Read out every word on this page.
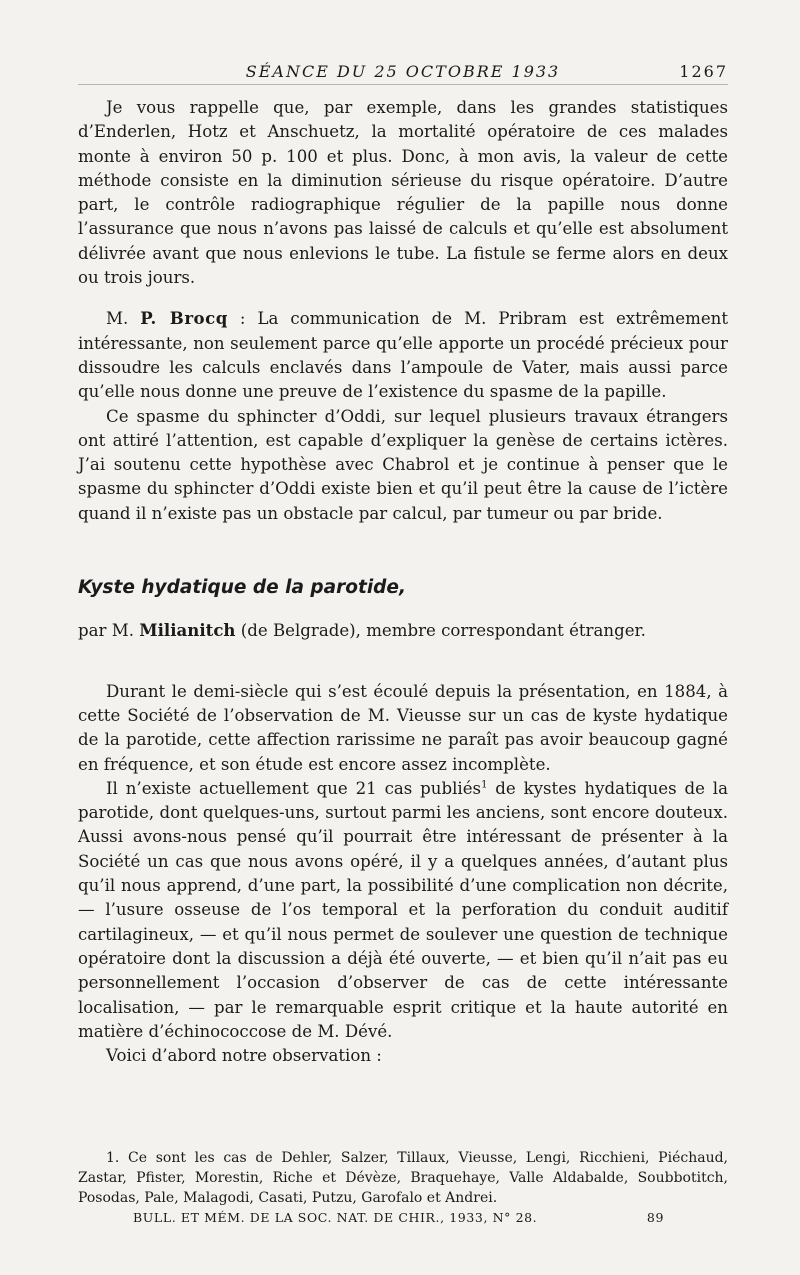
SÉANCE DU 25 OCTOBRE 1933	1267

Je vous rappelle que, par exemple, dans les grandes statistiques d’Enderlen, Hotz et Anschuetz, la mortalité opératoire de ces malades monte à environ 50 p. 100 et plus. Donc, à mon avis, la valeur de cette méthode consiste en la diminution sérieuse du risque opératoire. D’autre part, le contrôle radiographique régulier de la papille nous donne l’assurance que nous n’avons pas laissé de calculs et qu’elle est absolument délivrée avant que nous enlevions le tube. La fistule se ferme alors en deux ou trois jours.

M. P. Brocq : La communication de M. Pribram est extrêmement intéressante, non seulement parce qu’elle apporte un procédé précieux pour dissoudre les calculs enclavés dans l’ampoule de Vater, mais aussi parce qu’elle nous donne une preuve de l’existence du spasme de la papille.

Ce spasme du sphincter d’Oddi, sur lequel plusieurs travaux étrangers ont attiré l’attention, est capable d’expliquer la genèse de certains ictères. J’ai soutenu cette hypothèse avec Chabrol et je continue à penser que le spasme du sphincter d’Oddi existe bien et qu’il peut être la cause de l’ictère quand il n’existe pas un obstacle par calcul, par tumeur ou par bride.

Kyste hydatique de la parotide,

par M. Milianitch (de Belgrade), membre correspondant étranger.

Durant le demi-siècle qui s’est écoulé depuis la présentation, en 1884, à cette Société de l’observation de M. Vieusse sur un cas de kyste hydatique de la parotide, cette affection rarissime ne paraît pas avoir beaucoup gagné en fréquence, et son étude est encore assez incomplète.

Il n’existe actuellement que 21 cas publiés$^1$ de kystes hydatiques de la parotide, dont quelques-uns, surtout parmi les anciens, sont encore douteux. Aussi avons-nous pensé qu’il pourrait être intéressant de présenter à la Société un cas que nous avons opéré, il y a quelques années, d’autant plus qu’il nous apprend, d’une part, la possibilité d’une complication non décrite, — l’usure osseuse de l’os temporal et la perforation du conduit auditif cartilagineux, — et qu’il nous permet de soulever une question de technique opératoire dont la discussion a déjà été ouverte, — et bien qu’il n’ait pas eu personnellement l’occasion d’observer de cas de cette intéressante localisation, — par le remarquable esprit critique et la haute autorité en matière d’échinococcose de M. Dévé.

Voici d’abord notre observation :

1. Ce sont les cas de Dehler, Salzer, Tillaux, Vieusse, Lengi, Ricchieni, Piéchaud, Zastar, Pfister, Morestin, Riche et Dévèze, Braquehaye, Valle Aldabalde, Soubbotitch, Posodas, Pale, Malagodi, Casati, Putzu, Garofalo et Andrei.

BULL. ET MÉM. DE LA SOC. NAT. DE CHIR., 1933, N° 28.	89
